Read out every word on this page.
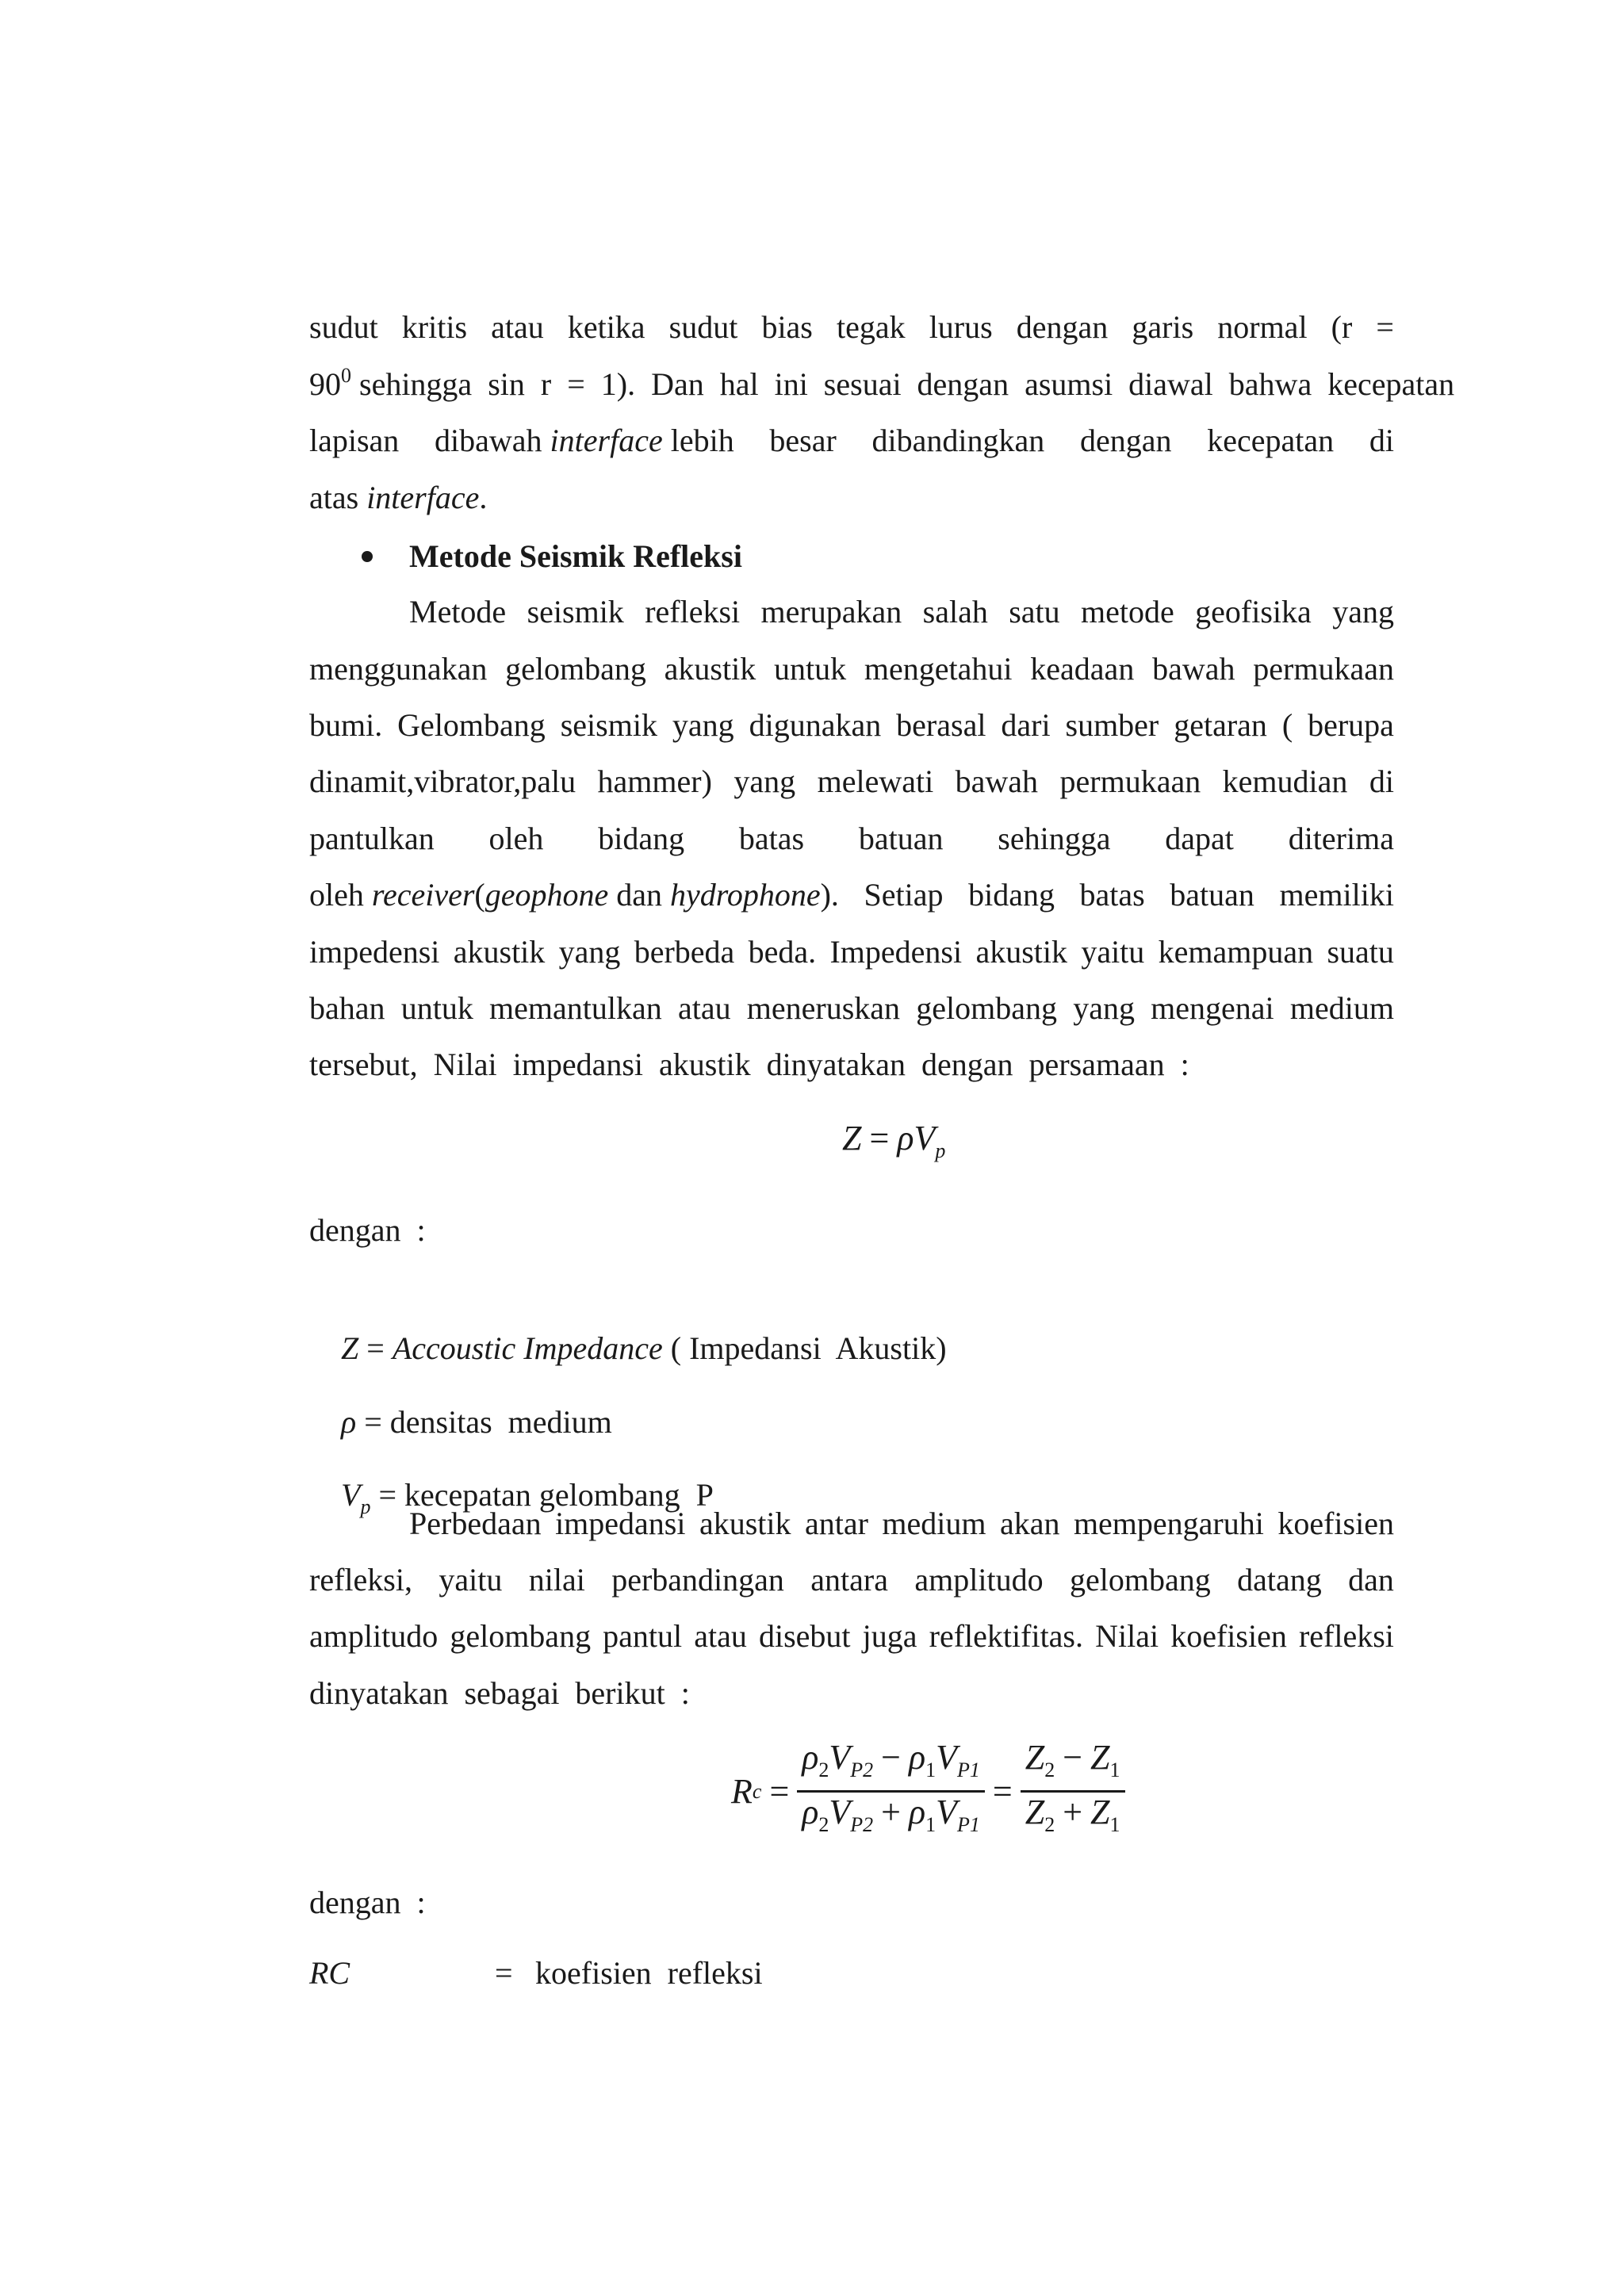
sudut kritis atau ketika sudut bias tegak lurus dengan garis normal (r =
$90^0$ sehingga  sin  r  =  1).  Dan  hal  ini  sesuai  dengan  asumsi  diawal  bahwa  kecepatan
lapisan dibawah interface lebih besar dibandingkan dengan kecepatan di
atas interface.
Metode Seismik Refleksi
Metode seismik refleksi merupakan salah satu metode geofisika yang
menggunakan gelombang akustik untuk mengetahui keadaan bawah permukaan
bumi. Gelombang seismik yang digunakan berasal dari sumber getaran ( berupa
dinamit,vibrator,palu hammer) yang melewati bawah permukaan kemudian di
pantulkan oleh bidang batas batuan sehingga dapat diterima
oleh receiver(geophone dan hydrophone). Setiap bidang batas batuan memiliki
impedensi akustik yang berbeda beda. Impedensi akustik yaitu kemampuan suatu
bahan untuk memantulkan atau meneruskan gelombang yang mengenai medium
tersebut,  Nilai  impedansi  akustik  dinyatakan  dengan  persamaan  :
$Z = \rho V_p$
dengan  :

Z = Accoustic Impedance ( Impedansi  Akustik)

ρ = densitas  medium

$V_p$ = kecepatan gelombang  P

Perbedaan impedansi akustik antar medium akan mempengaruhi koefisien
refleksi, yaitu nilai perbandingan antara amplitudo gelombang datang dan
amplitudo gelombang pantul atau disebut juga reflektifitas. Nilai koefisien refleksi
dinyatakan  sebagai  berikut  :
R $c = \frac{\rho_2V_{P2} - \rho_1V_{P1}}{\rho_2V_{P2} + \rho_1V_{P1}} = \frac{Z_2 - Z_1}{Z_2 + Z_1}$
dengan  :
RC	= koefisien  refleksi
